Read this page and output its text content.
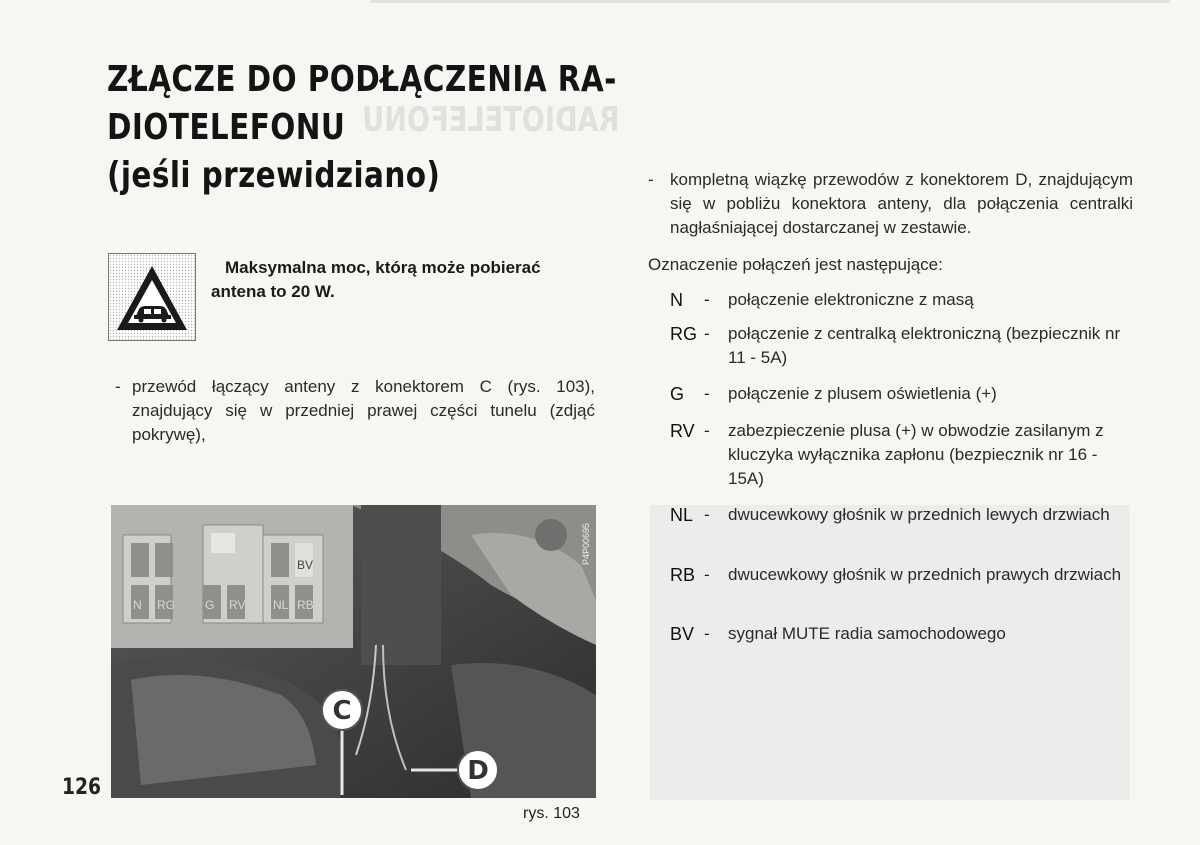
RADIOTELEFONU
ZŁĄCZE DO PODŁĄCZENIA RA-
DIOTELEFONU
(jeśli przewidziano)
Maksymalna moc, którą może pobierać
antena to 20 W.
- przewód łączący anteny z konektorem C (rys. 103), znajdujący się w przedniej prawej części tunelu (zdjąć pokrywę),
BV
N RG	G RV NL RB
C
D
P4P00695
126
rys. 103
- kompletną wiązkę przewodów z konektorem D, znajdującym się w pobliżu konektora anteny, dla połączenia centralki nagłaśniającej dostarczanej w zestawie.
Oznaczenie połączeń jest następujące:
N - połączenie elektroniczne z masą
RG - połączenie z centralką elektroniczną (bezpiecznik nr 11 - 5A)
G - połączenie z plusem oświetlenia (+)
RV - zabezpieczenie plusa (+) w obwodzie zasilanym z kluczyka wyłącznika zapłonu (bezpiecznik nr 16 - 15A)
NL - dwucewkowy głośnik w przednich lewych drzwiach
RB - dwucewkowy głośnik w przednich prawych drzwiach
BV - sygnał MUTE radia samochodowego
